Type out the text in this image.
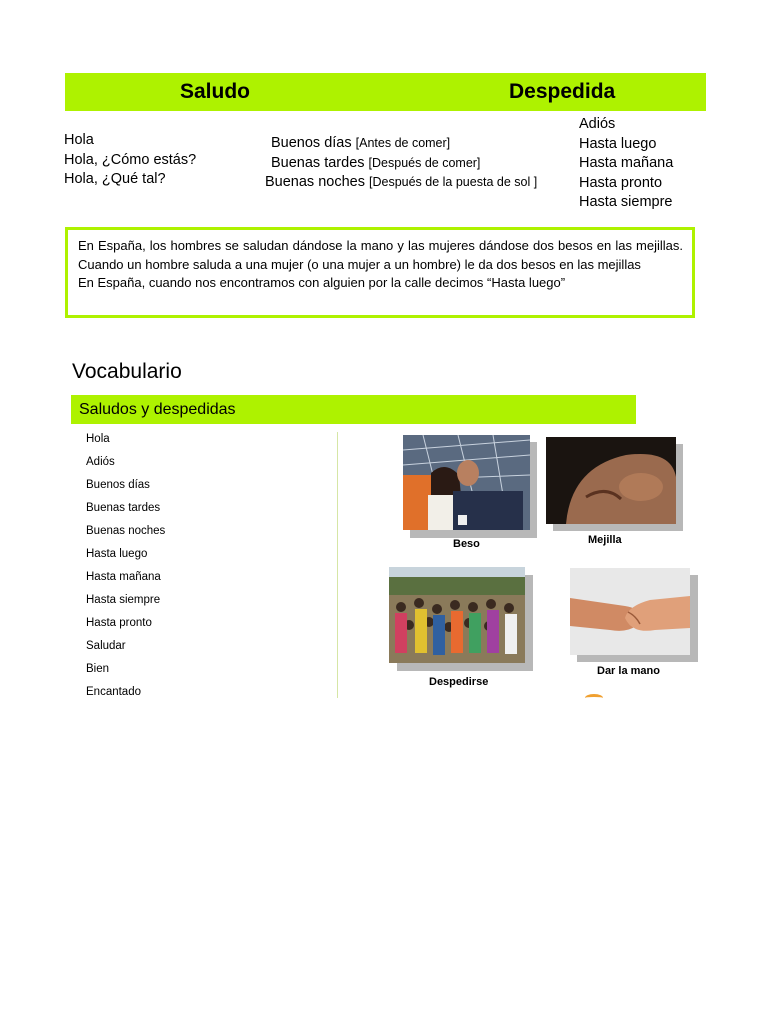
Saludo	Despedida
Hola
Hola, ¿Cómo estás?
Hola, ¿Qué tal?
Buenos días [Antes de comer]
Buenas tardes [Después de comer]
Buenas noches [Después de la puesta de sol ]
Adiós
Hasta luego
Hasta mañana
Hasta pronto
Hasta siempre

En España, los hombres se saludan dándose la mano y las mujeres dándose dos besos en las mejillas. Cuando un hombre saluda a una mujer (o una mujer a un hombre) le da dos besos en las mejillas

En España, cuando nos encontramos con alguien por la calle decimos “Hasta luego”

Vocabulario
Saludos y despedidas
Hola
Adiós
Buenos días
Buenas tardes
Buenas noches
Hasta luego
Hasta mañana
Hasta siempre
Hasta pronto
Saludar
Bien
Encantado
Beso	Mejilla
Despedirse
Dar la mano
